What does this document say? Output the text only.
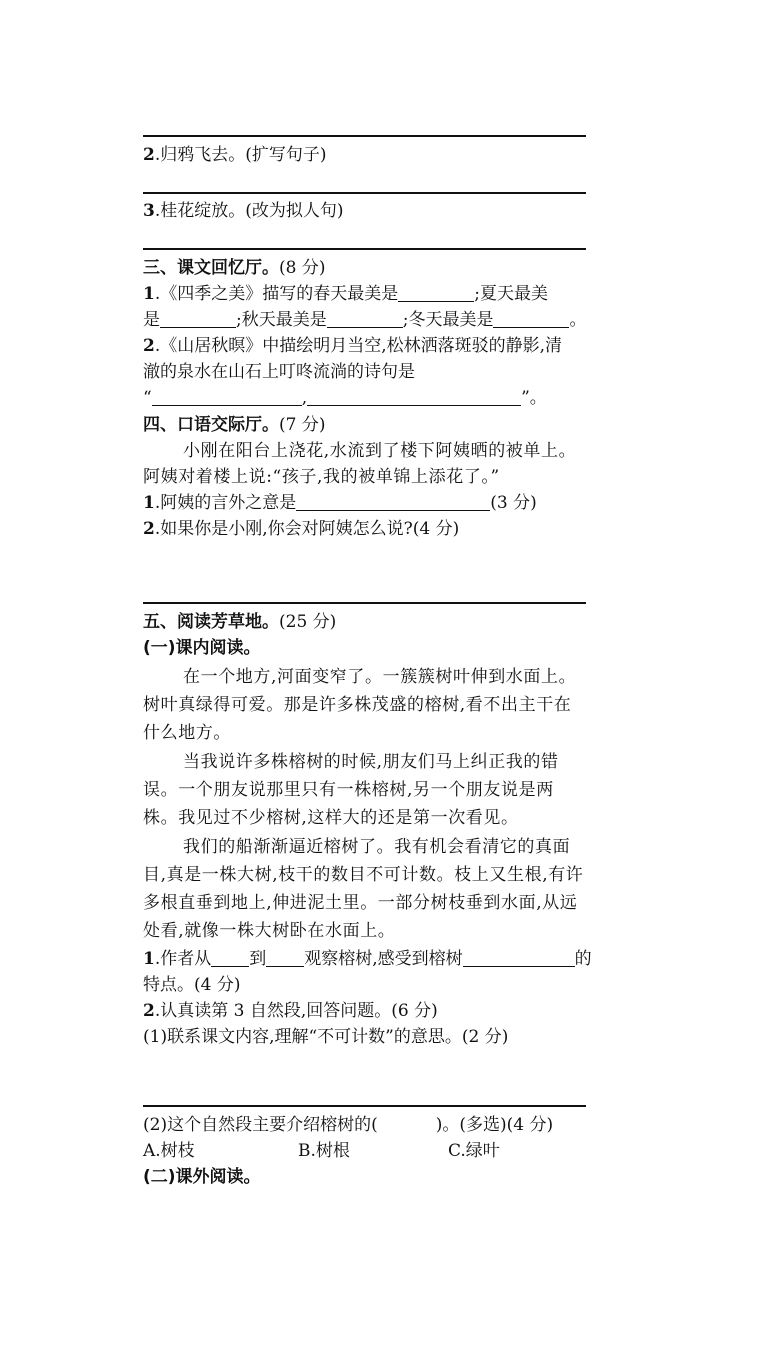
2.归鸦飞去。(扩写句子)
3.桂花绽放。(改为拟人句)
三、课文回忆厅。(8 分)
1.《四季之美》描写的春天最美是	;夏天最美
是	;秋天最美是	;冬天最美是	。
2.《山居秋暝》中描绘明月当空,松林洒落斑驳的静影,清
澈的泉水在山石上叮咚流淌的诗句是
“	,	”。
四、口语交际厅。(7 分)
小刚在阳台上浇花,水流到了楼下阿姨晒的被单上。
阿姨对着楼上说:“孩子,我的被单锦上添花了。”
1.阿姨的言外之意是	(3 分)
2.如果你是小刚,你会对阿姨怎么说?(4 分)
五、阅读芳草地。(25 分)
(一)课内阅读。
在一个地方,河面变窄了。一簇簇树叶伸到水面上。
树叶真绿得可爱。那是许多株茂盛的榕树,看不出主干在
什么地方。
当我说许多株榕树的时候,朋友们马上纠正我的错
误。一个朋友说那里只有一株榕树,另一个朋友说是两
株。我见过不少榕树,这样大的还是第一次看见。
我们的船渐渐逼近榕树了。我有机会看清它的真面
目,真是一株大树,枝干的数目不可计数。枝上又生根,有许
多根直垂到地上,伸进泥土里。一部分树枝垂到水面,从远
处看,就像一株大树卧在水面上。
1.作者从 到 观察榕树,感受到榕树	的
特点。(4 分)
2.认真读第 3 自然段,回答问题。(6 分)
(1)联系课文内容,理解“不可计数”的意思。(2 分)
(2)这个自然段主要介绍榕树的(	)。(多选)(4 分)
A.树枝	B.树根	C.绿叶
(二)课外阅读。
